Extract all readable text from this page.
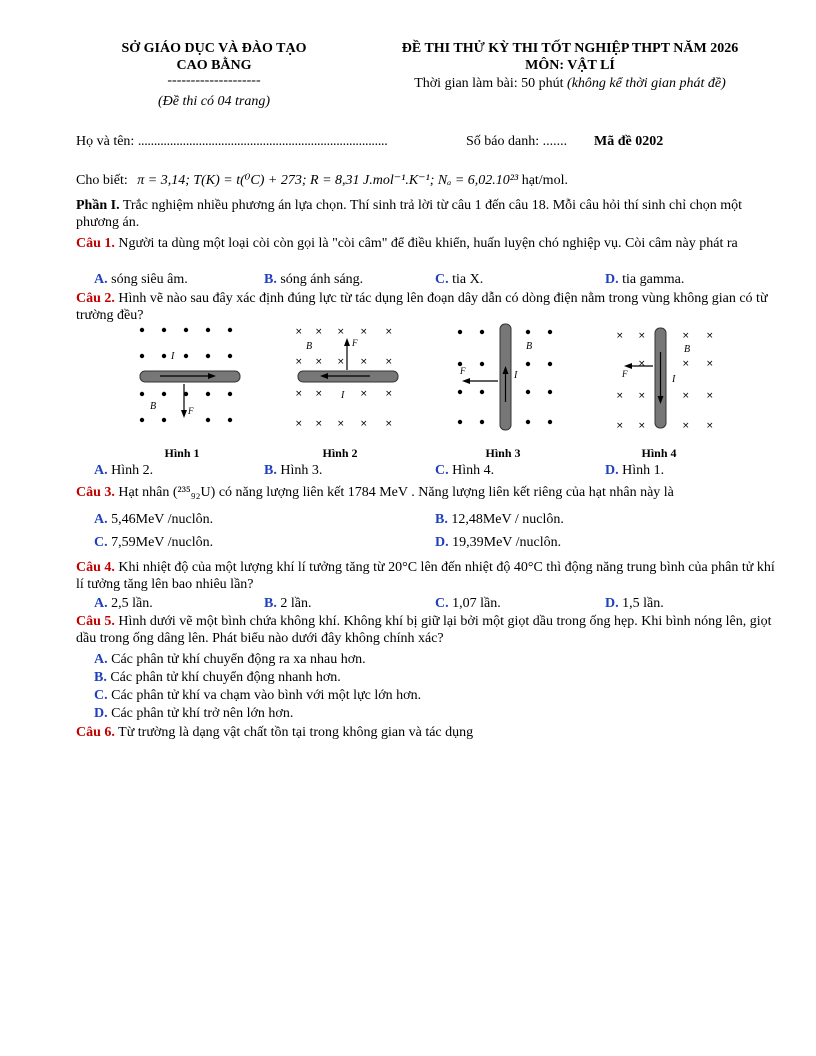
SỞ GIÁO DỤC VÀ ĐÀO TẠO
CAO BẰNG
--------------------
(Đề thi có 04 trang)
ĐỀ THI THỬ KỲ THI TỐT NGHIỆP THPT NĂM 2026
MÔN: VẬT LÍ
Thời gian làm bài: 50 phút (không kể thời gian phát đề)
Họ và tên: ..............................................................................	Số báo danh: ....... Mã đề 0202
Cho biết: π = 3,14; T(K) = t(⁰C) + 273; R = 8,31 J.mol⁻¹.K⁻¹; Nₐ = 6,02.10²³ hạt/mol.
Phần I. Trắc nghiệm nhiều phương án lựa chọn. Thí sinh trả lời từ câu 1 đến câu 18. Mỗi câu hỏi thí sinh chỉ chọn một phương án.
Câu 1. Người ta dùng một loại còi còn gọi là "còi câm" để điều khiển, huấn luyện chó nghiệp vụ. Còi câm này phát ra
A. sóng siêu âm.	B. sóng ánh sáng.	C. tia X.	D. tia gamma.
Câu 2. Hình vẽ nào sau đây xác định đúng lực từ tác dụng lên đoạn dây dẫn có dòng điện nằm trong vùng không gian có từ trường đều?
I
B⃗	F⃗
× × × × ×
× × × × ×
× ×	× ×
× × × × ×
B⃗	F⃗
I
B⃗
F⃗	I
× ×	× ×
×	× ×
× ×	× ×
× ×	× ×
B⃗
F⃗	I
Hình 1	Hình 2	Hình 3	Hình 4
A. Hình 2.	B. Hình 3.	C. Hình 4.	D. Hình 1.
Câu 3. Hạt nhân (²³⁵₉₂U) có năng lượng liên kết 1784 MeV . Năng lượng liên kết riêng của hạt nhân này là
A. 5,46MeV /nuclôn.	B. 12,48MeV / nuclôn.
C. 7,59MeV /nuclôn.	D. 19,39MeV /nuclôn.
Câu 4. Khi nhiệt độ của một lượng khí lí tưởng tăng từ 20°C lên đến nhiệt độ 40°C thì động năng trung bình của phân tử khí lí tưởng tăng lên bao nhiêu lần?
A. 2,5 lần.	B. 2 lần.	C. 1,07 lần.	D. 1,5 lần.
Câu 5. Hình dưới vẽ một bình chứa không khí. Không khí bị giữ lại bởi một giọt dầu trong ống hẹp. Khi bình nóng lên, giọt dầu trong ống dâng lên. Phát biểu nào dưới đây không chính xác?
A. Các phân tử khí chuyển động ra xa nhau hơn.
B. Các phân tử khí chuyển động nhanh hơn.
C. Các phân tử khí va chạm vào bình với một lực lớn hơn.
D. Các phân tử khí trở nên lớn hơn.
Câu 6. Từ trường là dạng vật chất tồn tại trong không gian và tác dụng
